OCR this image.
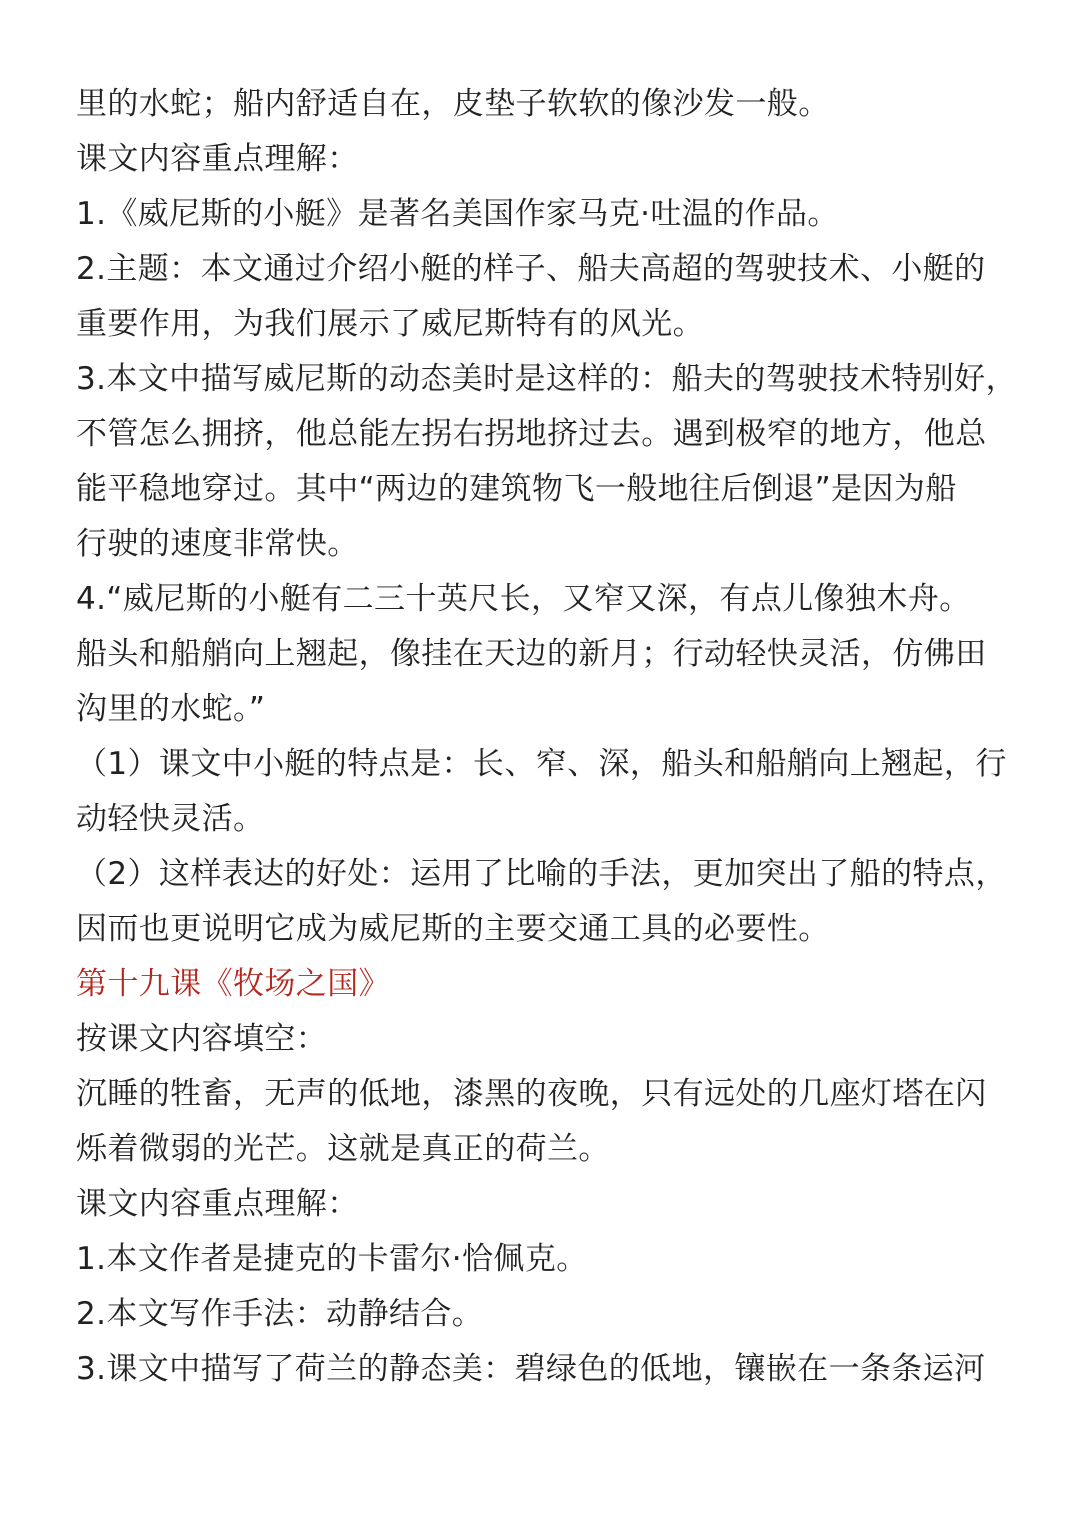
里的水蛇；船内舒适自在，皮垫子软软的像沙发一般。
课文内容重点理解：
1.《威尼斯的小艇》是著名美国作家马克·吐温的作品。
2.主题：本文通过介绍小艇的样子、船夫高超的驾驶技术、小艇的
重要作用，为我们展示了威尼斯特有的风光。
3.本文中描写威尼斯的动态美时是这样的：船夫的驾驶技术特别好，
不管怎么拥挤，他总能左拐右拐地挤过去。遇到极窄的地方，他总
能平稳地穿过。其中“两边的建筑物飞一般地往后倒退”是因为船
行驶的速度非常快。
4.“威尼斯的小艇有二三十英尺长，又窄又深，有点儿像独木舟。
船头和船艄向上翘起，像挂在天边的新月；行动轻快灵活，仿佛田
沟里的水蛇。”
（1）课文中小艇的特点是：长、窄、深，船头和船艄向上翘起，行
动轻快灵活。
（2）这样表达的好处：运用了比喻的手法，更加突出了船的特点，
因而也更说明它成为威尼斯的主要交通工具的必要性。
第十九课《牧场之国》
按课文内容填空：
沉睡的牲畜，无声的低地，漆黑的夜晚，只有远处的几座灯塔在闪
烁着微弱的光芒。这就是真正的荷兰。
课文内容重点理解：
1.本文作者是捷克的卡雷尔·恰佩克。
2.本文写作手法：动静结合。
3.课文中描写了荷兰的静态美：碧绿色的低地，镶嵌在一条条运河
